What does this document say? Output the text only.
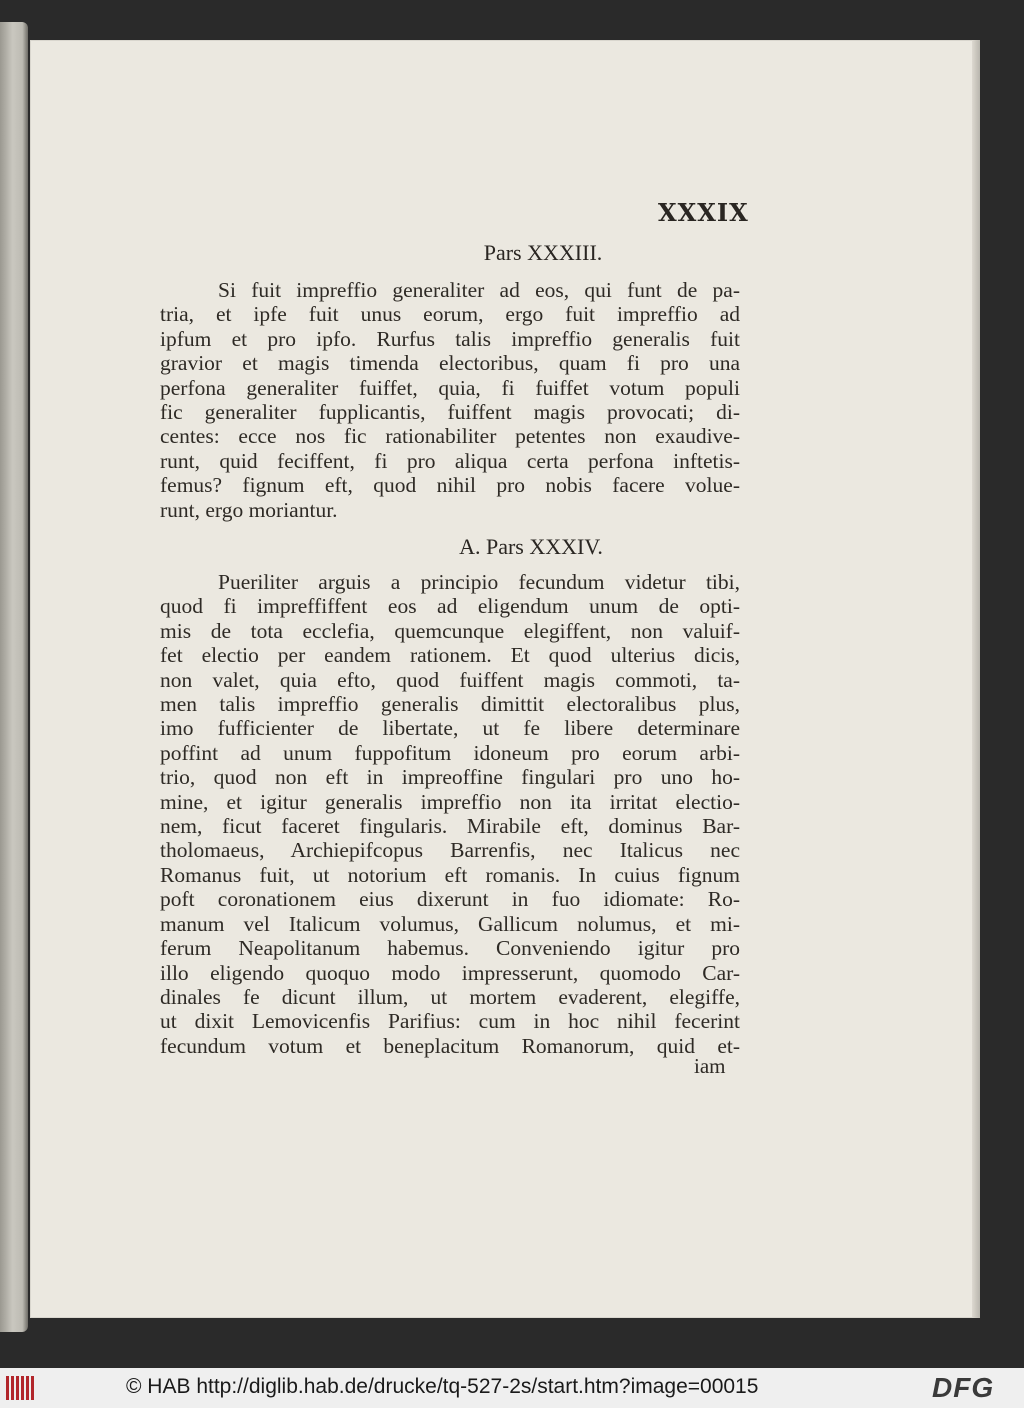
XXXIX
Pars XXXIII.
Si fuit impreffio generaliter ad eos, qui funt de pa-
tria, et ipfe fuit unus eorum, ergo fuit impreffio ad
ipfum et pro ipfo. Rurfus talis impreffio generalis fuit
gravior et magis timenda electoribus, quam fi pro una
perfona generaliter fuiffet, quia, fi fuiffet votum populi
fic generaliter fupplicantis, fuiffent magis provocati; di-
centes: ecce nos fic rationabiliter petentes non exaudive-
runt, quid feciffent, fi pro aliqua certa perfona inftetis-
femus? fignum eft, quod nihil pro nobis facere volue-
runt, ergo moriantur.
A. Pars XXXIV.
Pueriliter arguis a principio fecundum videtur tibi,
quod fi impreffiffent eos ad eligendum unum de opti-
mis de tota ecclefia, quemcunque elegiffent, non valuif-
fet electio per eandem rationem. Et quod ulterius dicis,
non valet, quia efto, quod fuiffent magis commoti, ta-
men talis impreffio generalis dimittit electoralibus plus,
imo fufficienter de libertate, ut fe libere determinare
poffint ad unum fuppofitum idoneum pro eorum arbi-
trio, quod non eft in impreoffine fingulari pro uno ho-
mine, et igitur generalis impreffio non ita irritat electio-
nem, ficut faceret fingularis. Mirabile eft, dominus Bar-
tholomaeus, Archiepifcopus Barrenfis, nec Italicus nec
Romanus fuit, ut notorium eft romanis. In cuius fignum
poft coronationem eius dixerunt in fuo idiomate: Ro-
manum vel Italicum volumus, Gallicum nolumus, et mi-
ferum Neapolitanum habemus. Conveniendo igitur pro
illo eligendo quoquo modo impresserunt, quomodo Car-
dinales fe dicunt illum, ut mortem evaderent, elegiffe,
ut dixit Lemovicenfis Parifius: cum in hoc nihil fecerint
fecundum votum et beneplacitum Romanorum, quid et-
iam
© HAB http://diglib.hab.de/drucke/tq-527-2s/start.htm?image=00015	DFG
